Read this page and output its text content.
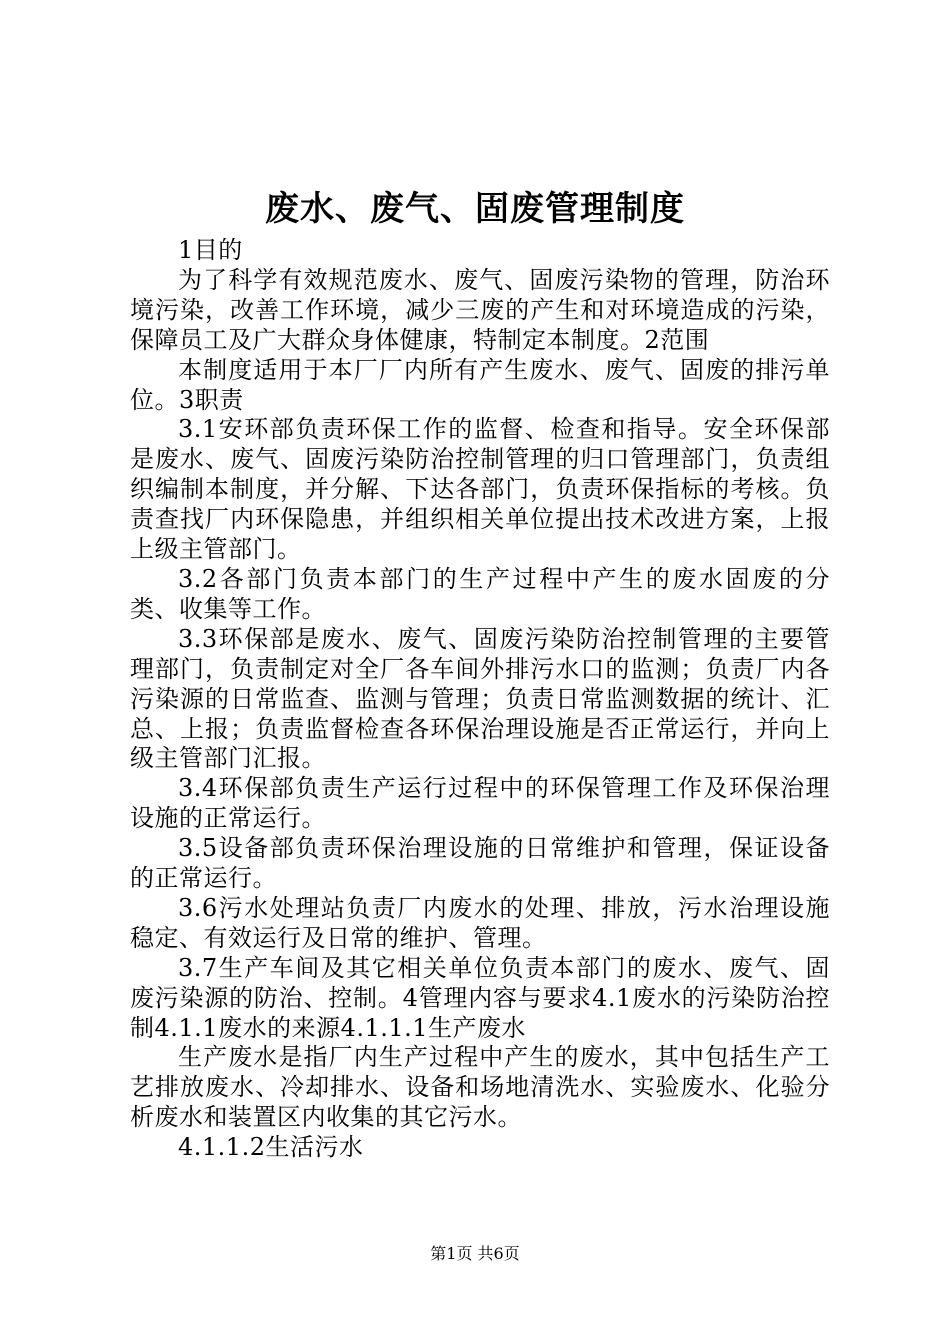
废水、废气、固废管理制度

1目的

为了科学有效规范废水、废气、固废污染物的管理，防治环境污染，改善工作环境，减少三废的产生和对环境造成的污染，保障员工及广大群众身体健康，特制定本制度。2范围

本制度适用于本厂厂内所有产生废水、废气、固废的排污单位。3职责

3.1安环部负责环保工作的监督、检查和指导。安全环保部是废水、废气、固废污染防治控制管理的归口管理部门，负责组织编制本制度，并分解、下达各部门，负责环保指标的考核。负责查找厂内环保隐患，并组织相关单位提出技术改进方案，上报上级主管部门。

3.2各部门负责本部门的生产过程中产生的废水固废的分类、收集等工作。

3.3环保部是废水、废气、固废污染防治控制管理的主要管理部门，负责制定对全厂各车间外排污水口的监测；负责厂内各污染源的日常监查、监测与管理；负责日常监测数据的统计、汇总、上报；负责监督检查各环保治理设施是否正常运行，并向上级主管部门汇报。

3.4环保部负责生产运行过程中的环保管理工作及环保治理设施的正常运行。

3.5设备部负责环保治理设施的日常维护和管理，保证设备的正常运行。

3.6污水处理站负责厂内废水的处理、排放，污水治理设施稳定、有效运行及日常的维护、管理。

3.7生产车间及其它相关单位负责本部门的废水、废气、固废污染源的防治、控制。4管理内容与要求4.1废水的污染防治控制4.1.1废水的来源4.1.1.1生产废水

生产废水是指厂内生产过程中产生的废水，其中包括生产工艺排放废水、冷却排水、设备和场地清洗水、实验废水、化验分析废水和装置区内收集的其它污水。

4.1.1.2生活污水

第1页 共6页
